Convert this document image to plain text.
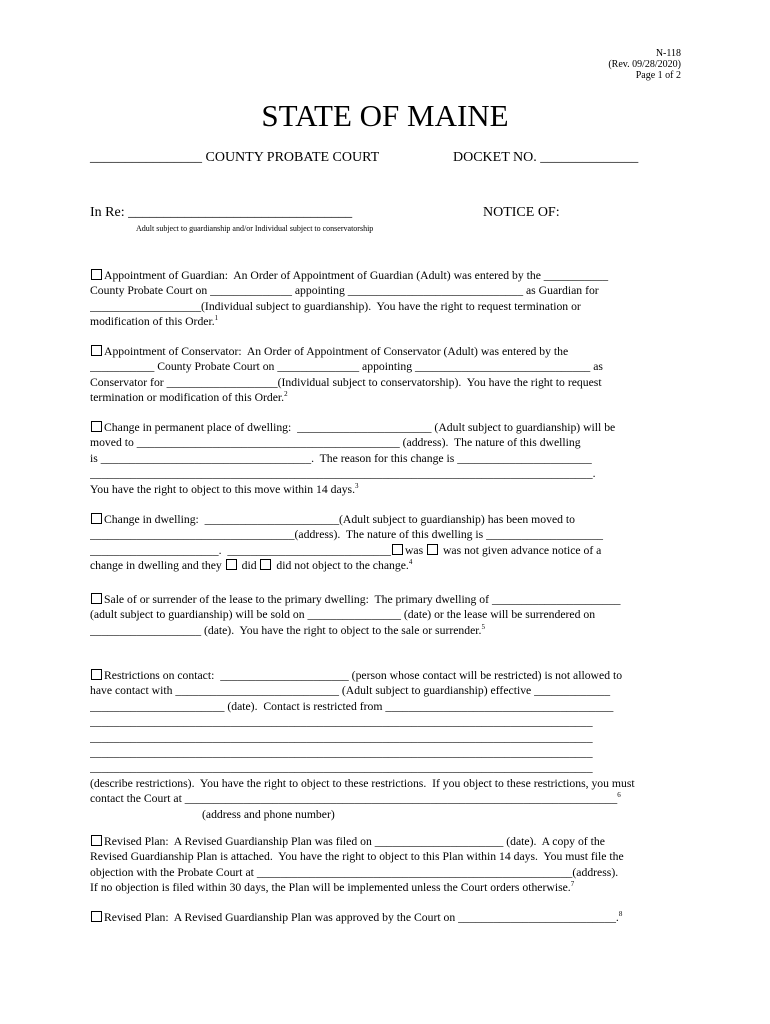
N-118
(Rev. 09/28/2020)
Page 1 of 2
STATE OF MAINE
________________ COUNTY PROBATE COURT	DOCKET NO. ______________
In Re: ________________________________	NOTICE OF:
Adult subject to guardianship and/or Individual subject to conservatorship
Appointment of Guardian:  An Order of Appointment of Guardian (Adult) was entered by the ___________
County Probate Court on ______________ appointing ______________________________ as Guardian for
___________________(Individual subject to guardianship).  You have the right to request termination or
modification of this Order.$^1$
Appointment of Conservator:  An Order of Appointment of Conservator (Adult) was entered by the
___________ County Probate Court on ______________ appointing ______________________________ as
Conservator for ___________________(Individual subject to conservatorship).  You have the right to request
termination or modification of this Order.$^2$
Change in permanent place of dwelling:  _______________________ (Adult subject to guardianship) will be
moved to _____________________________________________ (address).  The nature of this dwelling
is ____________________________________.  The reason for this change is _______________________
______________________________________________________________________________________.
You have the right to object to this move within 14 days.$^3$
Change in dwelling:  _______________________(Adult subject to guardianship) has been moved to
___________________________________(address).  The nature of this dwelling is ____________________
______________________.  ____________________________ was was not given advance notice of a
change in dwelling and they did did not object to the change.$^4$
Sale of or surrender of the lease to the primary dwelling:  The primary dwelling of ______________________
(adult subject to guardianship) will be sold on ________________ (date) or the lease will be surrendered on
___________________ (date).  You have the right to object to the sale or surrender.$^5$
Restrictions on contact:  ______________________ (person whose contact will be restricted) is not allowed to
have contact with ____________________________ (Adult subject to guardianship) effective _____________
_______________________ (date).  Contact is restricted from _______________________________________
______________________________________________________________________________________
______________________________________________________________________________________
______________________________________________________________________________________
______________________________________________________________________________________
(describe restrictions).  You have the right to object to these restrictions.  If you object to these restrictions, you must
contact the Court at __________________________________________________________________________$^6$
(address and phone number)
Revised Plan:  A Revised Guardianship Plan was filed on ______________________ (date).  A copy of the
Revised Guardianship Plan is attached.  You have the right to object to this Plan within 14 days.  You must file the
objection with the Probate Court at ______________________________________________________(address).
If no objection is filed within 30 days, the Plan will be implemented unless the Court orders otherwise.$^7$
Revised Plan:  A Revised Guardianship Plan was approved by the Court on ___________________________.$^8$
